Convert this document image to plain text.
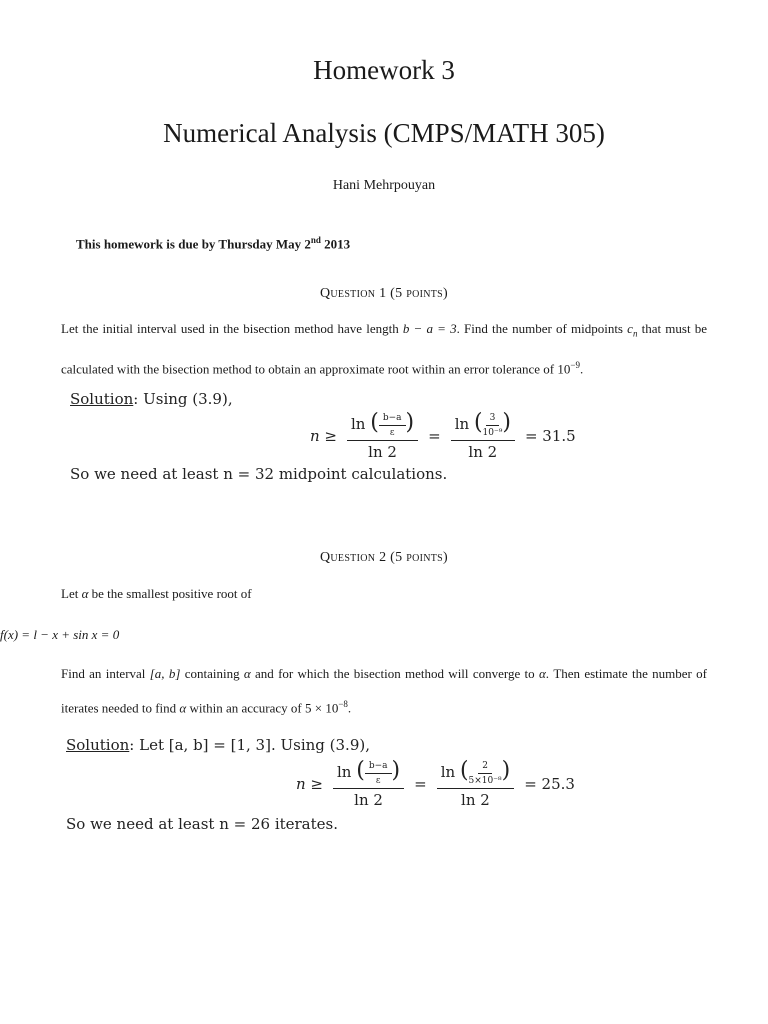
Homework 3
Numerical Analysis (CMPS/MATH 305)
Hani Mehrpouyan
This homework is due by Thursday May 2nd 2013
Question 1 (5 points)
Let the initial interval used in the bisection method have length b − a = 3. Find the number of midpoints $c_n$ that must be calculated with the bisection method to obtain an approximate root within an error tolerance of $10^{-9}$.
Solution: Using (3.9),
$n \ge \frac{\ln ( \frac{b-a}{\varepsilon} )}{\ln 2} = \frac{\ln ( \frac{3}{\text{10⁻⁹}} )}{\ln 2} = 31.5$
So we need at least n = 32 midpoint calculations.
Question 2 (5 points)
Let α be the smallest positive root of
f(x) = l − x + sin x = 0
Find an interval [a, b] containing α and for which the bisection method will converge to α. Then estimate the number of iterates needed to find α within an accuracy of $5 \times 10^{-8}$.
Solution: Let [a, b] = [1, 3]. Using (3.9),
$n \ge \frac{\ln ( \frac{b-a}{\varepsilon} )}{\ln 2} = \frac{\ln ( \frac{2}{\text{5×10⁻⁸}} )}{\ln 2} = 25.3$
So we need at least n = 26 iterates.
